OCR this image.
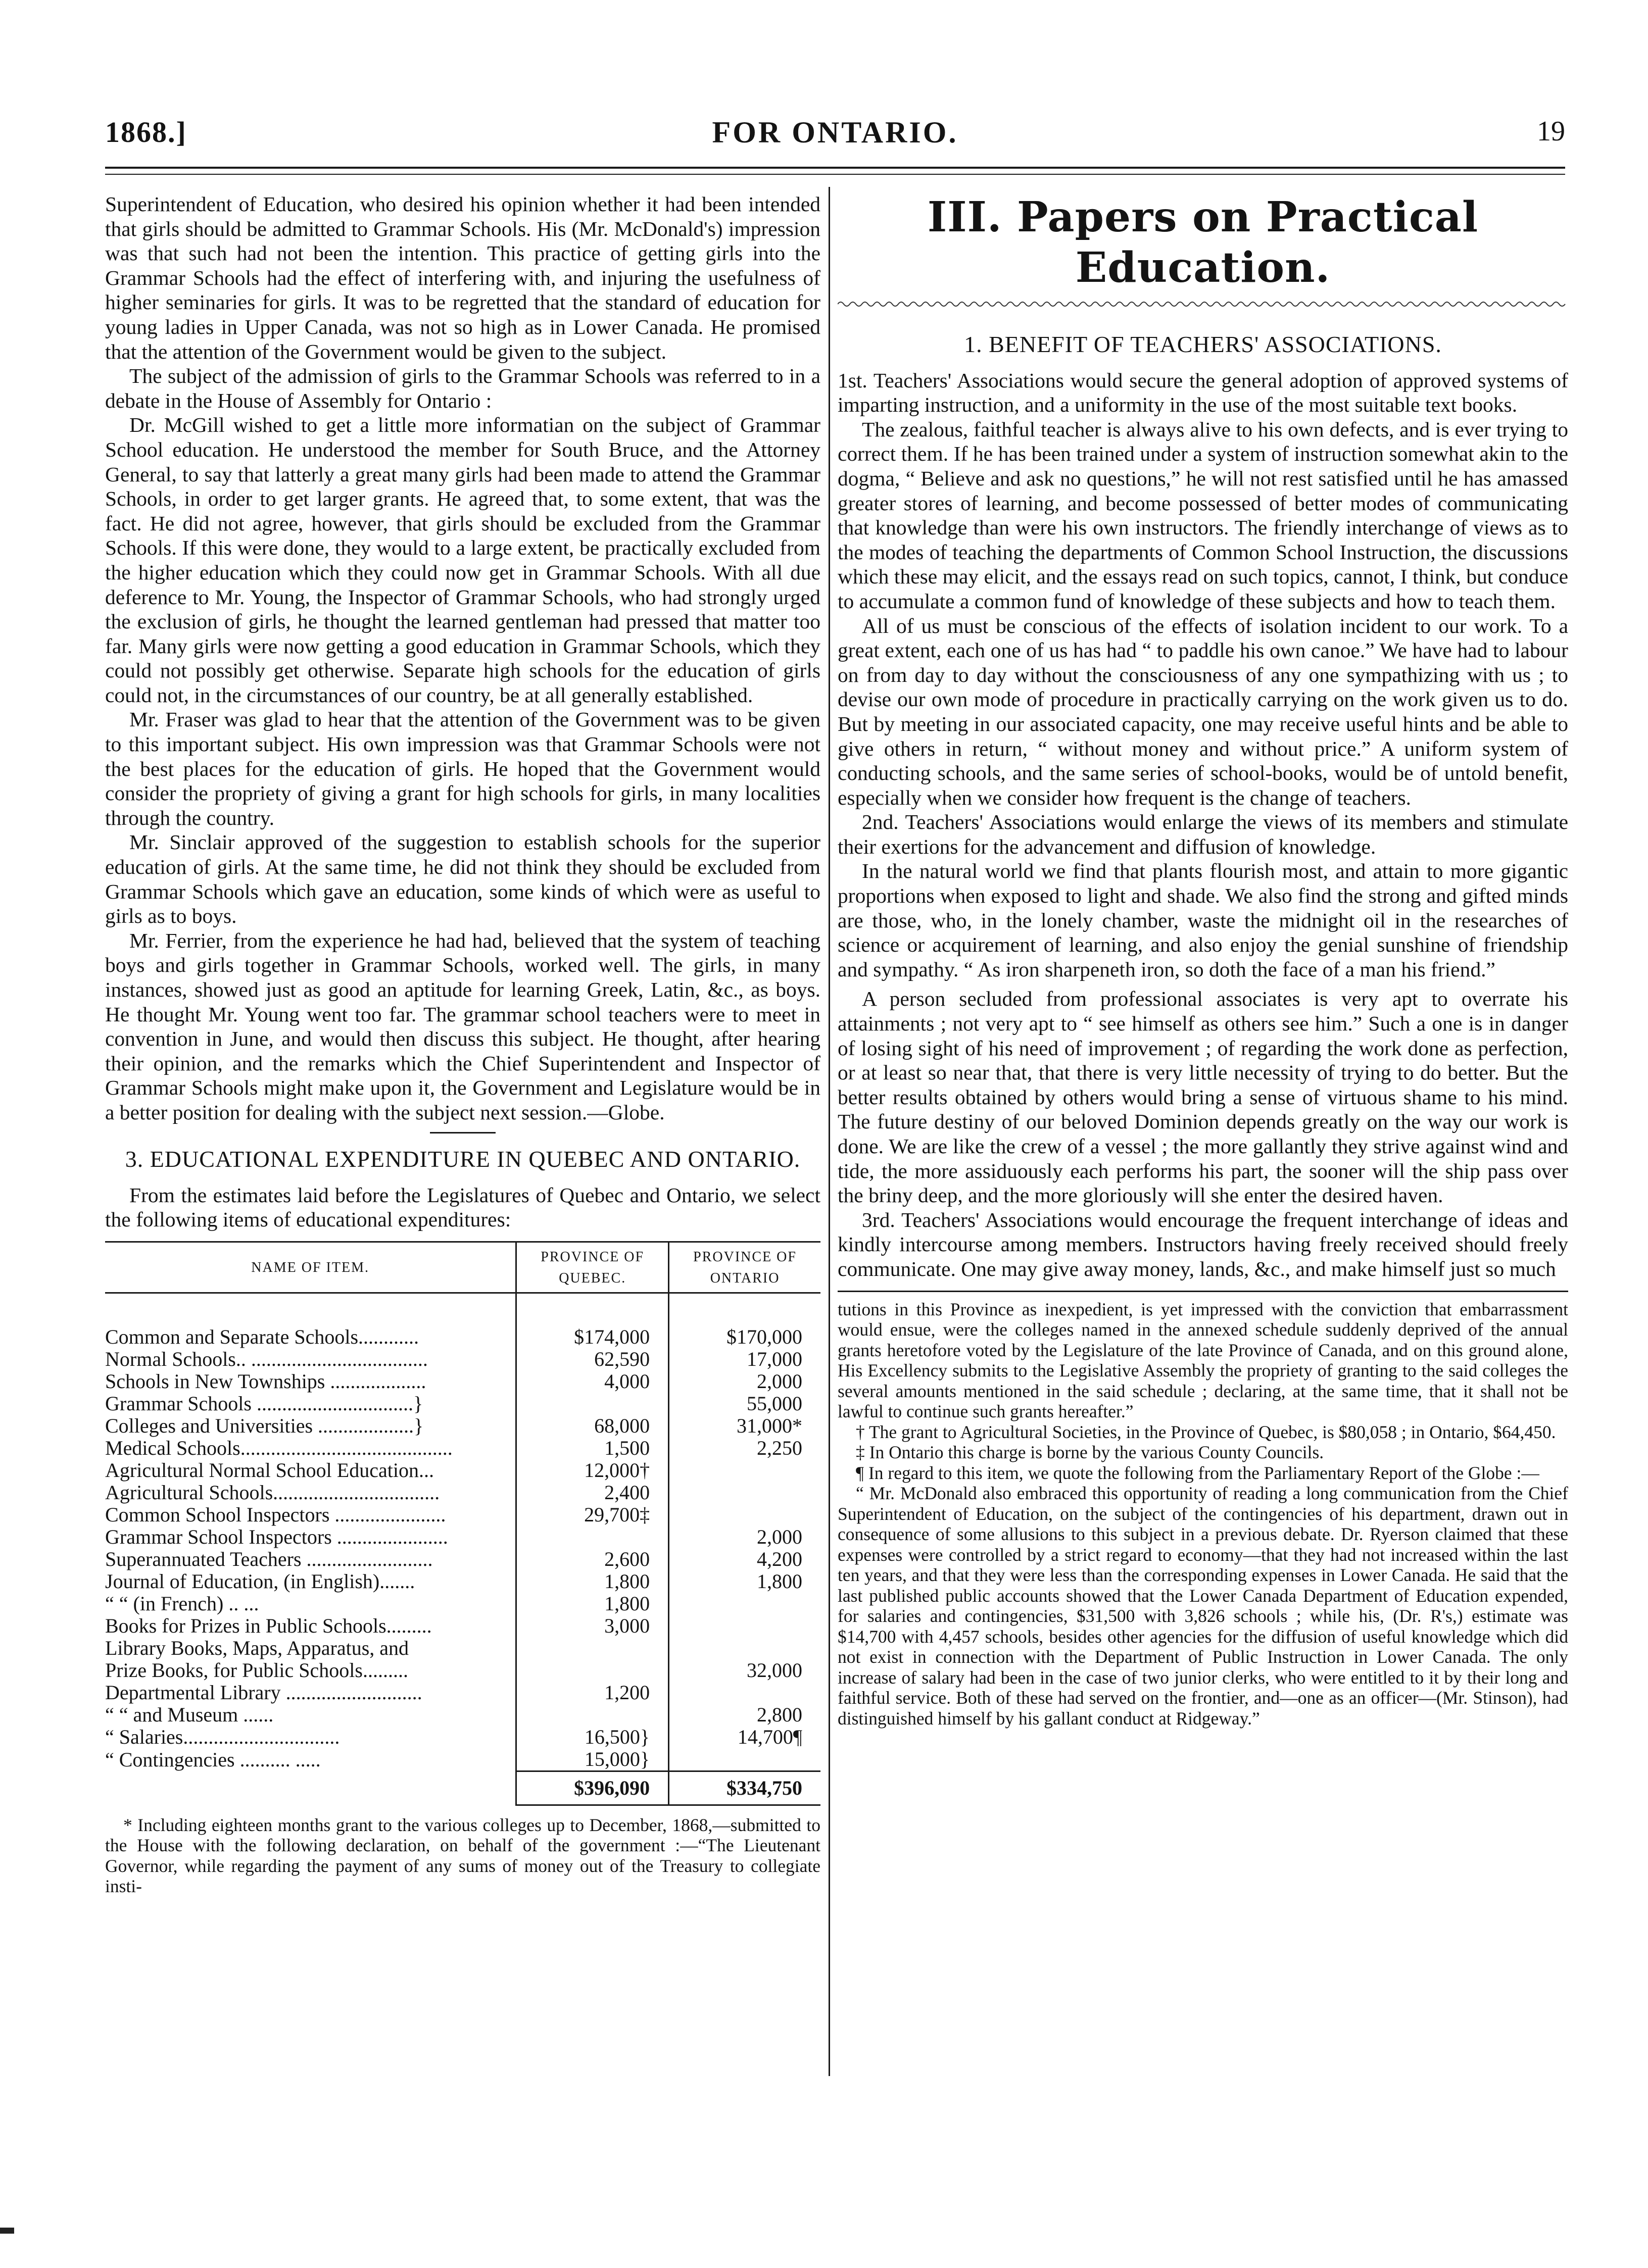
1868.]	FOR ONTARIO.	19

Superintendent of Education, who desired his opinion whether it had been intended that girls should be admitted to Grammar Schools. His (Mr. McDonald's) impression was that such had not been the intention. This practice of getting girls into the Grammar Schools had the effect of interfering with, and injuring the usefulness of higher seminaries for girls. It was to be regretted that the standard of education for young ladies in Upper Canada, was not so high as in Lower Canada. He promised that the attention of the Government would be given to the subject.

The subject of the admission of girls to the Grammar Schools was referred to in a debate in the House of Assembly for Ontario :

Dr. McGill wished to get a little more informatian on the subject of Grammar School education. He understood the member for South Bruce, and the Attorney General, to say that latterly a great many girls had been made to attend the Grammar Schools, in order to get larger grants. He agreed that, to some extent, that was the fact. He did not agree, however, that girls should be excluded from the Grammar Schools. If this were done, they would to a large extent, be practically excluded from the higher education which they could now get in Grammar Schools. With all due deference to Mr. Young, the Inspector of Grammar Schools, who had strongly urged the exclusion of girls, he thought the learned gentleman had pressed that matter too far. Many girls were now getting a good education in Grammar Schools, which they could not possibly get otherwise. Separate high schools for the education of girls could not, in the circumstances of our country, be at all generally established.

Mr. Fraser was glad to hear that the attention of the Government was to be given to this important subject. His own impression was that Grammar Schools were not the best places for the education of girls. He hoped that the Government would consider the propriety of giving a grant for high schools for girls, in many localities through the country.

Mr. Sinclair approved of the suggestion to establish schools for the superior education of girls. At the same time, he did not think they should be excluded from Grammar Schools which gave an education, some kinds of which were as useful to girls as to boys.

Mr. Ferrier, from the experience he had had, believed that the system of teaching boys and girls together in Grammar Schools, worked well. The girls, in many instances, showed just as good an aptitude for learning Greek, Latin, &c., as boys. He thought Mr. Young went too far. The grammar school teachers were to meet in convention in June, and would then discuss this subject. He thought, after hearing their opinion, and the remarks which the Chief Superintendent and Inspector of Grammar Schools might make upon it, the Government and Legislature would be in a better position for dealing with the subject next session.—Globe.

3. EDUCATIONAL EXPENDITURE IN QUEBEC AND ONTARIO.

From the estimates laid before the Legislatures of Quebec and Ontario, we select the following items of educational expenditures:

NAME OF ITEM.	PROVINCE OF QUEBEC.	PROVINCE OF ONTARIO

Common and Separate Schools............	$174,000	$170,000
Normal Schools.. ...................................	62,590	17,000
Schools in New Townships ...................	4,000	2,000
Grammar Schools ...............................}		55,000
Colleges and Universities ...................}	68,000	31,000*
Medical Schools..........................................	1,500	2,250
Agricultural Normal School Education...	12,000†	
Agricultural Schools.................................	2,400	
Common School Inspectors ......................	29,700‡	
Grammar School Inspectors ......................		2,000
Superannuated Teachers .........................	2,600	4,200
Journal of Education, (in English).......	1,800	1,800
“ “ (in French) .. ...	1,800	
Books for Prizes in Public Schools.........	3,000	
Library Books, Maps, Apparatus, and		
Prize Books, for Public Schools.........		32,000
Departmental Library ...........................	1,200	
“ “ and Museum ......		2,800
“ Salaries...............................	16,500}	14,700¶
“ Contingencies .......... .....	15,000}	
	$396,090	$334,750

* Including eighteen months grant to the various colleges up to December, 1868,—submitted to the House with the following declaration, on behalf of the government :—“The Lieutenant Governor, while regarding the payment of any sums of money out of the Treasury to collegiate insti-

III. Papers on Practical Education.
1. BENEFIT OF TEACHERS' ASSOCIATIONS.

1st. Teachers' Associations would secure the general adoption of approved systems of imparting instruction, and a uniformity in the use of the most suitable text books.

The zealous, faithful teacher is always alive to his own defects, and is ever trying to correct them. If he has been trained under a system of instruction somewhat akin to the dogma, “ Believe and ask no questions,” he will not rest satisfied until he has amassed greater stores of learning, and become possessed of better modes of communicating that knowledge than were his own instructors. The friendly interchange of views as to the modes of teaching the departments of Common School Instruction, the discussions which these may elicit, and the essays read on such topics, cannot, I think, but conduce to accumulate a common fund of knowledge of these subjects and how to teach them.

All of us must be conscious of the effects of isolation incident to our work. To a great extent, each one of us has had “ to paddle his own canoe.” We have had to labour on from day to day without the consciousness of any one sympathizing with us ; to devise our own mode of procedure in practically carrying on the work given us to do. But by meeting in our associated capacity, one may receive useful hints and be able to give others in return, “ without money and without price.” A uniform system of conducting schools, and the same series of school-books, would be of untold benefit, especially when we consider how frequent is the change of teachers.

2nd. Teachers' Associations would enlarge the views of its members and stimulate their exertions for the advancement and diffusion of knowledge.

In the natural world we find that plants flourish most, and attain to more gigantic proportions when exposed to light and shade. We also find the strong and gifted minds are those, who, in the lonely chamber, waste the midnight oil in the researches of science or acquirement of learning, and also enjoy the genial sunshine of friendship and sympathy. “ As iron sharpeneth iron, so doth the face of a man his friend.”

A person secluded from professional associates is very apt to overrate his attainments ; not very apt to “ see himself as others see him.” Such a one is in danger of losing sight of his need of improvement ; of regarding the work done as perfection, or at least so near that, that there is very little necessity of trying to do better. But the better results obtained by others would bring a sense of virtuous shame to his mind. The future destiny of our beloved Dominion depends greatly on the way our work is done. We are like the crew of a vessel ; the more gallantly they strive against wind and tide, the more assiduously each performs his part, the sooner will the ship pass over the briny deep, and the more gloriously will she enter the desired haven.

3rd. Teachers' Associations would encourage the frequent interchange of ideas and kindly intercourse among members. Instructors having freely received should freely communicate. One may give away money, lands, &c., and make himself just so much

tutions in this Province as inexpedient, is yet impressed with the conviction that embarrassment would ensue, were the colleges named in the annexed schedule suddenly deprived of the annual grants heretofore voted by the Legislature of the late Province of Canada, and on this ground alone, His Excellency submits to the Legislative Assembly the propriety of granting to the said colleges the several amounts mentioned in the said schedule ; declaring, at the same time, that it shall not be lawful to continue such grants hereafter.”

† The grant to Agricultural Societies, in the Province of Quebec, is $80,058 ; in Ontario, $64,450.

‡ In Ontario this charge is borne by the various County Councils.

¶ In regard to this item, we quote the following from the Parliamentary Report of the Globe :—

“ Mr. McDonald also embraced this opportunity of reading a long communication from the Chief Superintendent of Education, on the subject of the contingencies of his department, drawn out in consequence of some allusions to this subject in a previous debate. Dr. Ryerson claimed that these expenses were controlled by a strict regard to economy—that they had not increased within the last ten years, and that they were less than the corresponding expenses in Lower Canada. He said that the last published public accounts showed that the Lower Canada Department of Education expended, for salaries and contingencies, $31,500 with 3,826 schools ; while his, (Dr. R's,) estimate was $14,700 with 4,457 schools, besides other agencies for the diffusion of useful knowledge which did not exist in connection with the Department of Public Instruction in Lower Canada. The only increase of salary had been in the case of two junior clerks, who were entitled to it by their long and faithful service. Both of these had served on the frontier, and—one as an officer—(Mr. Stinson), had distinguished himself by his gallant conduct at Ridgeway.”
